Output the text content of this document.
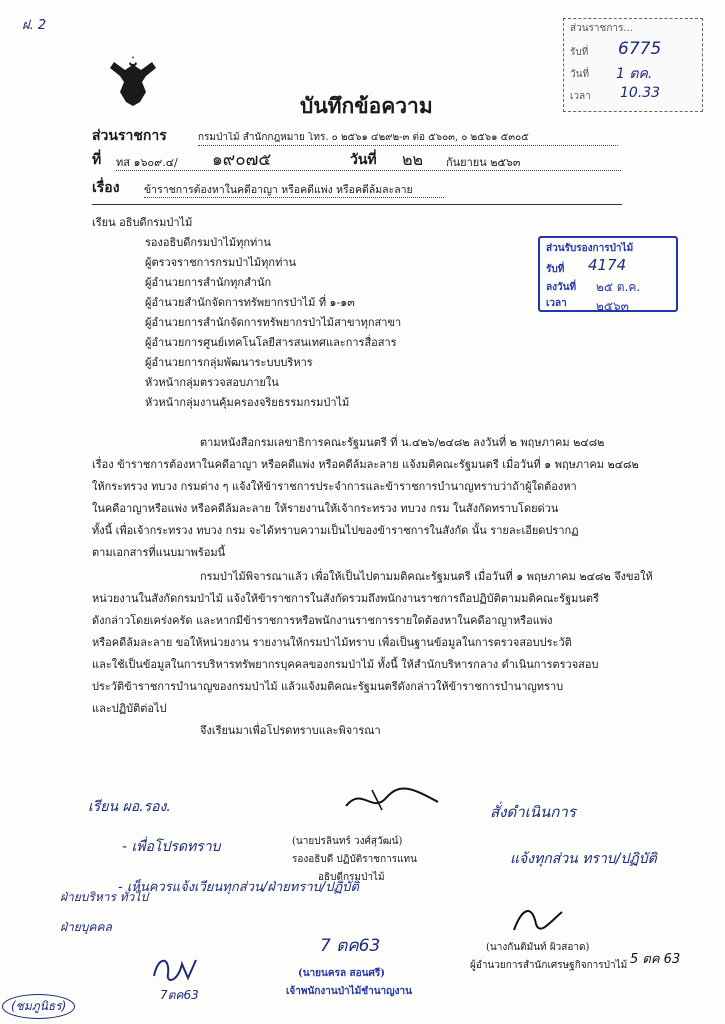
ฝ. 2	ส่วนราชการ...
รับที่ 6775
วันที่ 1 ตค.
เวลา 10.33
บันทึกข้อความ
ส่วนราชการ	กรมป่าไม้ สำนักกฎหมาย โทร. ๐ ๒๕๖๑ ๔๒๙๒-๓ ต่อ ๕๖๐๓, ๐ ๒๕๖๑ ๕๓๐๕
ที่ ทส ๑๖๐๙.๔/ ๑๙๐๗๕	วันที่ ๒๒ กันยายน ๒๕๖๓
เรื่อง ข้าราชการต้องหาในคดีอาญา หรือคดีแพ่ง หรือคดีล้มละลาย
เรียน อธิบดีกรมป่าไม้
รองอธิบดีกรมป่าไม้ทุกท่าน
ผู้ตรวจราชการกรมป่าไม้ทุกท่าน
ผู้อำนวยการสำนักทุกสำนัก
ผู้อำนวยสำนักจัดการทรัพยากรป่าไม้ ที่ ๑-๑๓
ผู้อำนวยการสำนักจัดการทรัพยากรป่าไม้สาขาทุกสาขา
ผู้อำนวยการศูนย์เทคโนโลยีสารสนเทศและการสื่อสาร
ผู้อำนวยการกลุ่มพัฒนาระบบบริหาร
หัวหน้ากลุ่มตรวจสอบภายใน
หัวหน้ากลุ่มงานคุ้มครองจริยธรรมกรมป่าไม้
ส่วนรับรองการป่าไม้
รับที่ 4174
ลงวันที่ ๒๕ ต.ค. ๒๕๖๓
เวลา
ตามหนังสือกรมเลขาธิการคณะรัฐมนตรี ที่ น.๔๒๖/๒๔๘๒ ลงวันที่ ๒ พฤษภาคม ๒๔๘๒
เรื่อง ข้าราชการต้องหาในคดีอาญา หรือคดีแพ่ง หรือคดีล้มละลาย แจ้งมติคณะรัฐมนตรี เมื่อวันที่ ๑ พฤษภาคม ๒๔๘๒
ให้กระทรวง ทบวง กรมต่าง ๆ แจ้งให้ข้าราชการประจำการและข้าราชการบำนาญทราบว่าถ้าผู้ใดต้องหา
ในคดีอาญาหรือแพ่ง หรือคดีล้มละลาย ให้รายงานให้เจ้ากระทรวง ทบวง กรม ในสังกัดทราบโดยด่วน
ทั้งนี้ เพื่อเจ้ากระทรวง ทบวง กรม จะได้ทราบความเป็นไปของข้าราชการในสังกัด นั้น รายละเอียดปรากฏ
ตามเอกสารที่แนบมาพร้อมนี้
กรมป่าไม้พิจารณาแล้ว เพื่อให้เป็นไปตามมติคณะรัฐมนตรี เมื่อวันที่ ๑ พฤษภาคม ๒๔๘๒ จึงขอให้
หน่วยงานในสังกัดกรมป่าไม้ แจ้งให้ข้าราชการในสังกัดรวมถึงพนักงานราชการถือปฏิบัติตามมติคณะรัฐมนตรี
ดังกล่าวโดยเคร่งครัด และหากมีข้าราชการหรือพนักงานราชการรายใดต้องหาในคดีอาญาหรือแพ่ง
หรือคดีล้มละลาย ขอให้หน่วยงาน รายงานให้กรมป่าไม้ทราบ เพื่อเป็นฐานข้อมูลในการตรวจสอบประวัติ
และใช้เป็นข้อมูลในการบริหารทรัพยากรบุคคลของกรมป่าไม้ ทั้งนี้ ให้สำนักบริหารกลาง ดำเนินการตรวจสอบ
ประวัติข้าราชการบำนาญของกรมป่าไม้ แล้วแจ้งมติคณะรัฐมนตรีดังกล่าวให้ข้าราชการบำนาญทราบ
และปฏิบัติต่อไป
จึงเรียนมาเพื่อโปรดทราบและพิจารณา
(นายปรลินทร์ วงศ์สุวัฒน์)
รองอธิบดี ปฏิบัติราชการแทน
อธิบดีกรมป่าไม้
เรียน ผอ.รอง.
- เพื่อโปรดทราบ
- เห็นควรแจ้งเวียนทุกส่วน/ฝ่ายทราบ/ปฏิบัติ
ฝ่ายบริหาร ทั่วไป
ฝ่ายบุคคล
7ตค63
(ชมภูนิธร)
7 ตค63
สั่งดำเนินการ
แจ้งทุกส่วน ทราบ/ปฏิบัติ
5 ตค 63
(นางกันติมันท์ ผิวสอาด)
ผู้อำนวยการสำนักเศรษฐกิจการป่าไม้
(นายนครล สอนศรี)
เจ้าพนักงานป่าไม้ชำนาญงาน
